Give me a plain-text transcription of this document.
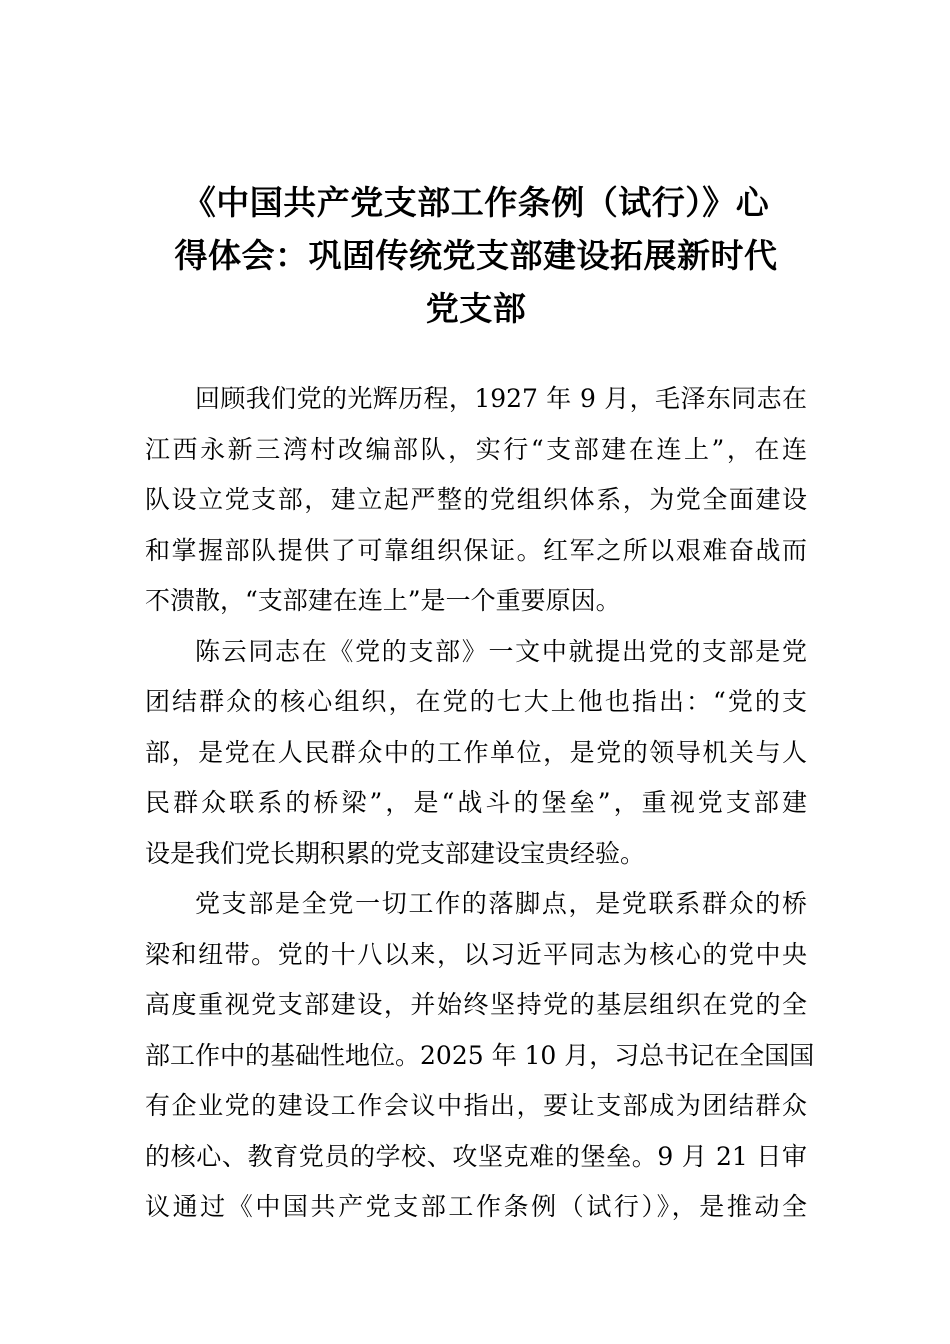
《中国共产党支部工作条例（试行）》心
得体会：巩固传统党支部建设拓展新时代
党支部

回顾我们党的光辉历程，1927 年 9 月，毛泽东同志在
江西永新三湾村改编部队，实行“支部建在连上”，在连
队设立党支部，建立起严整的党组织体系，为党全面建设
和掌握部队提供了可靠组织保证。红军之所以艰难奋战而
不溃散，“支部建在连上”是一个重要原因。

陈云同志在《党的支部》一文中就提出党的支部是党
团结群众的核心组织，在党的七大上他也指出：“党的支
部，是党在人民群众中的工作单位，是党的领导机关与人
民群众联系的桥梁”，是“战斗的堡垒”，重视党支部建
设是我们党长期积累的党支部建设宝贵经验。

党支部是全党一切工作的落脚点，是党联系群众的桥
梁和纽带。党的十八以来，以习近平同志为核心的党中央
高度重视党支部建设，并始终坚持党的基层组织在党的全
部工作中的基础性地位。2025 年 10 月，习总书记在全国国
有企业党的建设工作会议中指出，要让支部成为团结群众
的核心、教育党员的学校、攻坚克难的堡垒。9 月 21 日审
议通过《中国共产党支部工作条例（试行）》，是推动全
